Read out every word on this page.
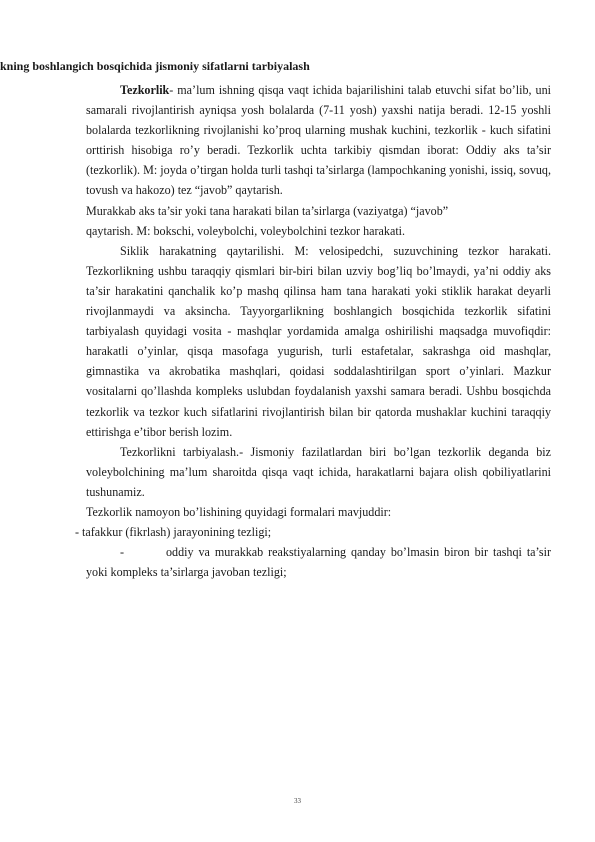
kning boshlangich bosqichida jismoniy sifatlarni tarbiyalash

Tezkorlik- ma’lum ishning qisqa vaqt ichida bajarilishini talab etuvchi sifat bo’lib, uni samarali rivojlantirish ayniqsa yosh bolalarda (7-11 yosh) yaxshi natija beradi. 12-15 yoshli bolalarda tezkorlikning rivojlanishi ko’proq ularning mushak kuchini, tezkorlik - kuch sifatini orttirish hisobiga ro’y beradi. Tezkorlik uchta tarkibiy qismdan iborat: Oddiy aks ta’sir (tezkorlik). M: joyda o’tirgan holda turli tashqi ta’sirlarga (lampochkaning yonishi, issiq, sovuq, tovush va hakozo) tez “javob” qaytarish.

Murakkab aks ta’sir yoki tana harakati bilan ta’sirlarga (vaziyatga) “javob”

qaytarish. M: bokschi, voleybolchi, voleybolchini tezkor harakati.

Siklik harakatning qaytarilishi. M: velosipedchi, suzuvchining tezkor harakati. Tezkorlikning ushbu taraqqiy qismlari bir-biri bilan uzviy bog’liq bo’lmaydi, ya’ni oddiy aks ta’sir harakatini qanchalik ko’p mashq qilinsa ham tana harakati yoki stiklik harakat deyarli rivojlanmaydi va aksincha. Tayyorgarlikning boshlangich bosqichida tezkorlik sifatini tarbiyalash quyidagi vosita - mashqlar yordamida amalga oshirilishi maqsadga muvofiqdir: harakatli o’yinlar, qisqa masofaga yugurish, turli estafetalar, sakrashga oid mashqlar, gimnastika va akrobatika mashqlari, qoidasi soddalashtirilgan sport o’yinlari. Mazkur vositalarni qo’llashda kompleks uslubdan foydalanish yaxshi samara beradi. Ushbu bosqichda tezkorlik va tezkor kuch sifatlarini rivojlantirish bilan bir qatorda mushaklar kuchini taraqqiy ettirishga e’tibor berish lozim.

Tezkorlikni tarbiyalash.- Jismoniy fazilatlardan biri bo’lgan tezkorlik deganda biz voleybolchining ma’lum sharoitda qisqa vaqt ichida, harakatlarni bajara olish qobiliyatlarini tushunamiz.

Tezkorlik namoyon bo’lishining quyidagi formalari mavjuddir:

- tafakkur (fikrlash) jarayonining tezligi;

-	oddiy va murakkab reakstiyalarning qanday bo’lmasin biron bir tashqi ta’sir yoki kompleks ta’sirlarga javoban tezligi;

33
